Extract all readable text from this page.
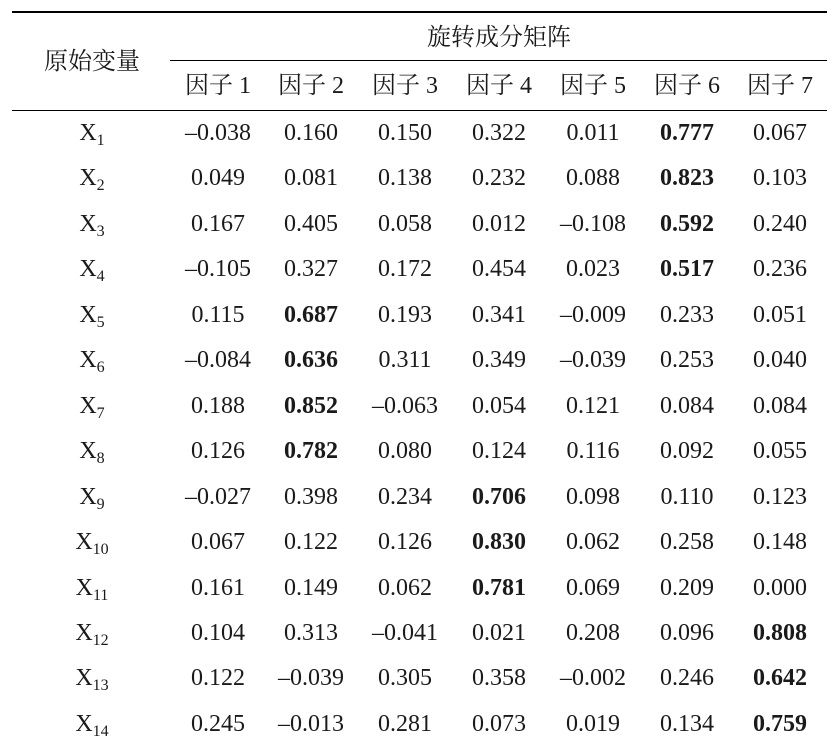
原始变量
旋转成分矩阵
因子 1 因子 2 因子 3 因子 4 因子 5 因子 6 因子 7
$X_1$	–0.038 0.160 0.150 0.322 0.011 0.777 0.067
$X_2$	0.049 0.081 0.138 0.232 0.088 0.823 0.103
$X_3$	0.167 0.405 0.058 0.012 –0.108 0.592 0.240
$X_4$	–0.105 0.327 0.172 0.454 0.023 0.517 0.236
$X_5$	0.115 0.687 0.193 0.341 –0.009 0.233 0.051
$X_6$	–0.084 0.636 0.311 0.349 –0.039 0.253 0.040
$X_7$	0.188 0.852 –0.063 0.054 0.121 0.084 0.084
$X_8$	0.126 0.782 0.080 0.124 0.116 0.092 0.055
$X_9$	–0.027 0.398 0.234 0.706 0.098 0.110 0.123
$X_{10}$	0.067 0.122 0.126 0.830 0.062 0.258 0.148
$X_{11}$	0.161 0.149 0.062 0.781 0.069 0.209 0.000
$X_{12}$	0.104 0.313 –0.041 0.021 0.208 0.096 0.808
$X_{13}$	0.122 –0.039 0.305 0.358 –0.002 0.246 0.642
$X_{14}$	0.245 –0.013 0.281 0.073 0.019 0.134 0.759
